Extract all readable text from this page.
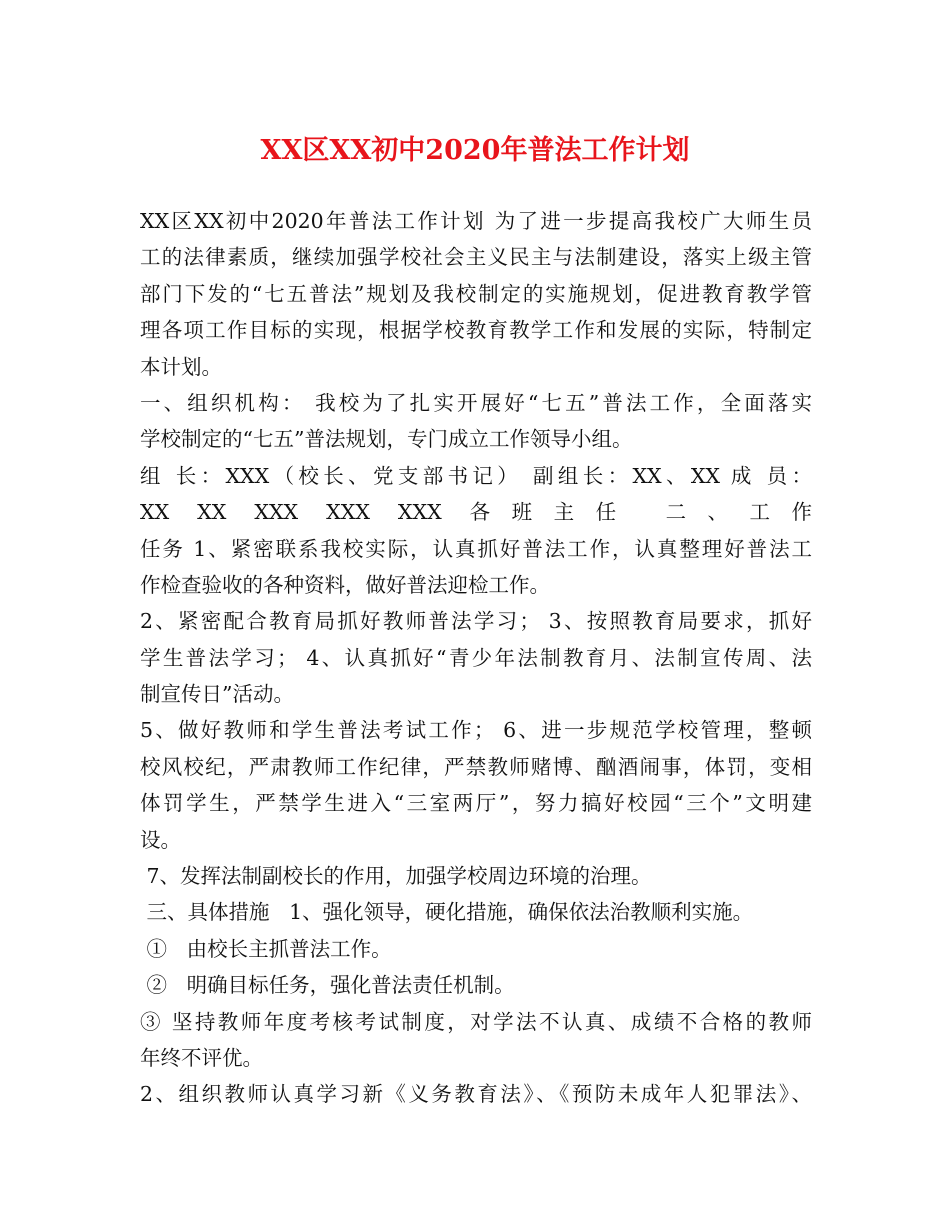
XX区XX初中2020年普法工作计划
XX区XX初中2020年普法工作计划 为了进一步提高我校广大师生员
工的法律素质，继续加强学校社会主义民主与法制建设，落实上级主管
部门下发的“七五普法”规划及我校制定的实施规划，促进教育教学管
理各项工作目标的实现，根据学校教育教学工作和发展的实际，特制定
本计划。
一、组织机构： 我校为了扎实开展好“七五”普法工作，全面落实
学校制定的“七五”普法规划，专门成立工作领导小组。
组 长：XXX（校长、党支部书记） 副组长：XX、XX 成 员：
XX XX XXX XXX XXX 各班主任 二、工作
任务 1、紧密联系我校实际，认真抓好普法工作，认真整理好普法工
作检查验收的各种资料，做好普法迎检工作。
2、紧密配合教育局抓好教师普法学习； 3、按照教育局要求，抓好
学生普法学习； 4、认真抓好“青少年法制教育月、法制宣传周、法
制宣传日”活动。
5、做好教师和学生普法考试工作； 6、进一步规范学校管理，整顿
校风校纪，严肃教师工作纪律，严禁教师赌博、酗酒闹事，体罚，变相
体罚学生，严禁学生进入“三室两厅”，努力搞好校园“三个”文明建
设。
7、发挥法制副校长的作用，加强学校周边环境的治理。
三、具体措施   1、强化领导，硬化措施，确保依法治教顺利实施。
①   由校长主抓普法工作。
②   明确目标任务，强化普法责任机制。
③ 坚持教师年度考核考试制度，对学法不认真、成绩不合格的教师
年终不评优。
2、组织教师认真学习新《义务教育法》、《预防未成年人犯罪法》、
